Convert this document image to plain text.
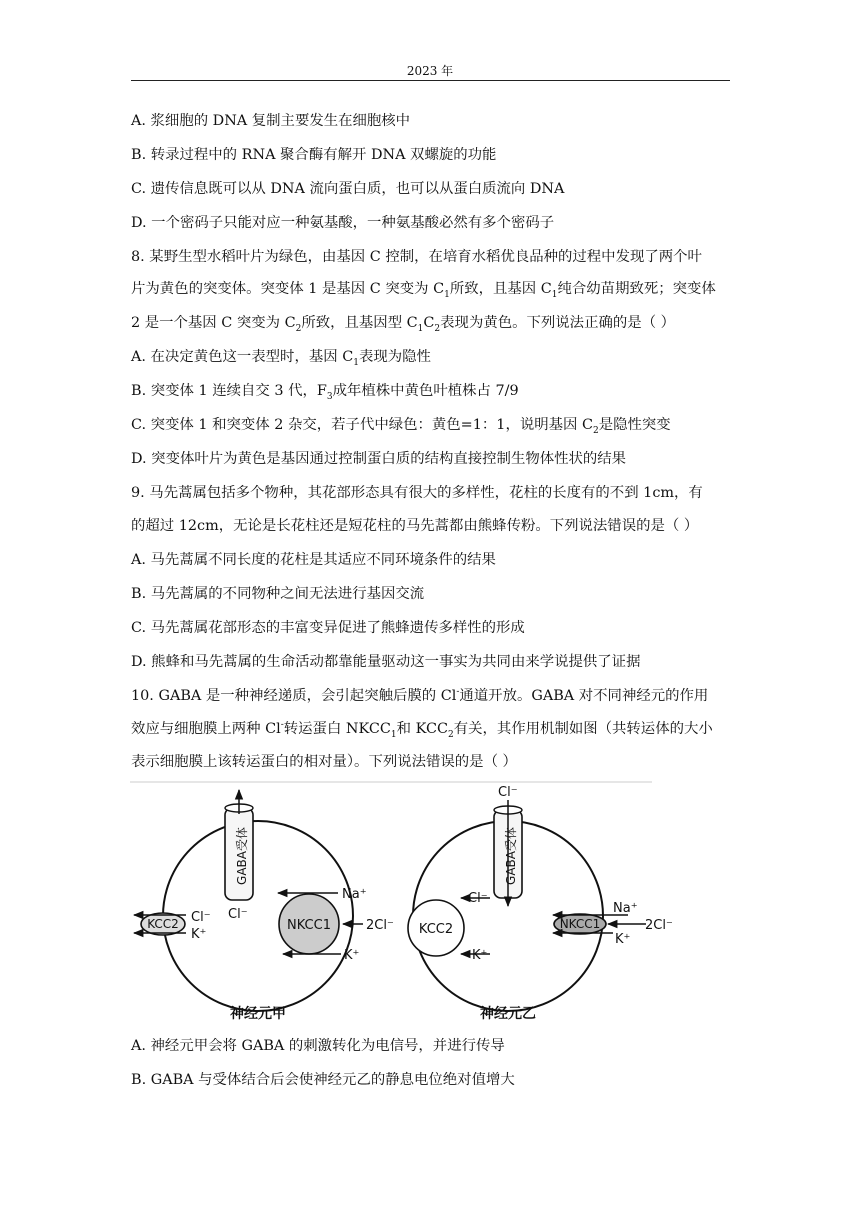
2023 年
A. 浆细胞的 DNA 复制主要发生在细胞核中
B. 转录过程中的 RNA 聚合酶有解开 DNA 双螺旋的功能
C. 遗传信息既可以从 DNA 流向蛋白质，也可以从蛋白质流向 DNA
D. 一个密码子只能对应一种氨基酸，一种氨基酸必然有多个密码子
8. 某野生型水稻叶片为绿色，由基因 C 控制，在培育水稻优良品种的过程中发现了两个叶
片为黄色的突变体。突变体 1 是基因 C 突变为 $C_1$所致，且基因 $C_1$纯合幼苗期致死；突变体
2 是一个基因 C 突变为 $C_2$所致，且基因型 $C_1C_2$表现为黄色。下列说法正确的是（ ）
A. 在决定黄色这一表型时，基因 $C_1$表现为隐性
B. 突变体 1 连续自交 3 代，$F_3$成年植株中黄色叶植株占 7/9
C. 突变体 1 和突变体 2 杂交，若子代中绿色：黄色=1：1，说明基因 $C_2$是隐性突变
D. 突变体叶片为黄色是基因通过控制蛋白质的结构直接控制生物体性状的结果
9. 马先蒿属包括多个物种，其花部形态具有很大的多样性，花柱的长度有的不到 1cm，有
的超过 12cm，无论是长花柱还是短花柱的马先蒿都由熊蜂传粉。下列说法错误的是（ ）
A. 马先蒿属不同长度的花柱是其适应不同环境条件的结果
B. 马先蒿属的不同物种之间无法进行基因交流
C. 马先蒿属花部形态的丰富变异促进了熊蜂遗传多样性的形成
D. 熊蜂和马先蒿属的生命活动都靠能量驱动这一事实为共同由来学说提供了证据
10. GABA 是一种神经递质，会引起突触后膜的 Cl-通道开放。GABA 对不同神经元的作用
效应与细胞膜上两种 Cl-转运蛋白 $NKCC_1$和 $KCC_2$有关，其作用机制如图（共转运体的大小
表示细胞膜上该转运蛋白的相对量）。下列说法错误的是（ ）
GABA受体
Cl⁻
NKCC1
Na⁺
2Cl⁻
K⁺
KCC2 Cl⁻
K⁺
神经元甲
GABA受体
Cl⁻
KCC2
Cl⁻
K⁺
NKCC1
Na⁺
2Cl⁻
K⁺
神经元乙
A. 神经元甲会将 GABA 的刺激转化为电信号，并进行传导
B. GABA 与受体结合后会使神经元乙的静息电位绝对值增大
